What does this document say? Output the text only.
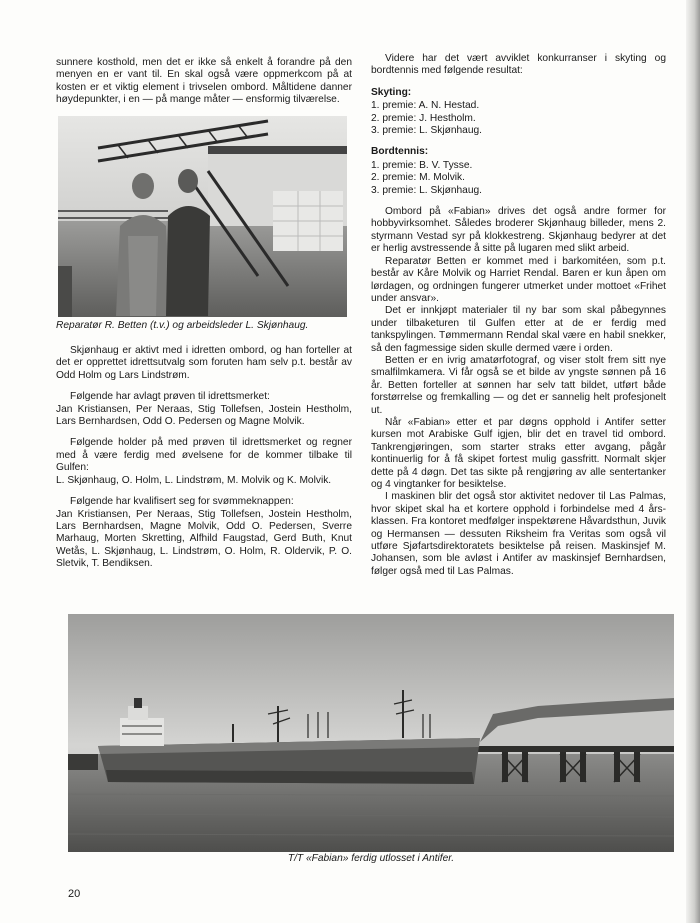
sunnere kosthold, men det er ikke så enkelt å forandre på den menyen en er vant til. En skal også være oppmerkcom på at kosten er et viktig element i trivselen ombord. Måltidene danner høydepunkter, i en — på mange måter — ensformig tilværelse.

Reparatør R. Betten (t.v.) og arbeidsleder L. Skjønhaug.

Skjønhaug er aktivt med i idretten ombord, og han forteller at det er opprettet idrettsutvalg som foruten ham selv p.t. består av Odd Holm og Lars Lindstrøm.

Følgende har avlagt prøven til idrettsmerket:

Jan Kristiansen, Per Neraas, Stig Tollefsen, Jostein Hestholm, Lars Bernhardsen, Odd O. Pedersen og Magne Molvik.

Følgende holder på med prøven til idrettsmerket og regner med å være ferdig med øvelsene for de kommer tilbake til Gulfen:

L. Skjønhaug, O. Holm, L. Lindstrøm, M. Molvik og K. Molvik.

Følgende har kvalifisert seg for svømmeknappen:

Jan Kristiansen, Per Neraas, Stig Tollefsen, Jostein Hestholm, Lars Bernhardsen, Magne Molvik, Odd O. Pedersen, Sverre Marhaug, Morten Skretting, Alfhild Faugstad, Gerd Buth, Knut Wetås, L. Skjønhaug, L. Lindstrøm, O. Holm, R. Oldervik, P. O. Sletvik, T. Bendiksen.

Videre har det vært avviklet konkurranser i skyting og bordtennis med følgende resultat:

Skyting:
1. premie: A. N. Hestad.
2. premie: J. Hestholm.
3. premie: L. Skjønhaug.
Bordtennis:
1. premie: B. V. Tysse.
2. premie: M. Molvik.
3. premie: L. Skjønhaug.

Ombord på «Fabian» drives det også andre former for hobbyvirksomhet. Således broderer Skjønhaug billeder, mens 2. styrmann Vestad syr på klokkestreng. Skjønhaug bedyrer at det er herlig avstressende å sitte på lugaren med slikt arbeid.

Reparatør Betten er kommet med i barkomitéen, som p.t. består av Kåre Molvik og Harriet Rendal. Baren er kun åpen om lørdagen, og ordningen fungerer utmerket under mottoet «Frihet under ansvar».

Det er innkjøpt materialer til ny bar som skal påbegynnes under tilbaketuren til Gulfen etter at de er ferdig med tankspylingen. Tømmermann Rendal skal være en habil snekker, så den fagmessige siden skulle dermed være i orden.

Betten er en ivrig amatørfotograf, og viser stolt frem sitt nye smalfilmkamera. Vi får også se et bilde av yngste sønnen på 16 år. Betten forteller at sønnen har selv tatt bildet, utført både forstørrelse og fremkalling — og det er sannelig helt profesjonelt ut.

Når «Fabian» etter et par døgns opphold i Antifer setter kursen mot Arabiske Gulf igjen, blir det en travel tid ombord. Tankrengjøringen, som starter straks etter avgang, pågår kontinuerlig for å få skipet fortest mulig gassfritt. Normalt skjer dette på 4 døgn. Det tas sikte på rengjøring av alle sentertanker og 4 vingtanker for besiktelse.

I maskinen blir det også stor aktivitet nedover til Las Palmas, hvor skipet skal ha et kortere opphold i forbindelse med 4 års-klassen. Fra kontoret medfølger inspektørene Håvardsthun, Juvik og Hermansen — dessuten Riksheim fra Veritas som også vil utføre Sjøfartsdirektoratets besiktelse på reisen. Maskinsjef M. Johansen, som ble avløst i Antifer av maskinsjef Bernhardsen, følger også med til Las Palmas.

T/T «Fabian» ferdig utlosset i Antifer.
20
